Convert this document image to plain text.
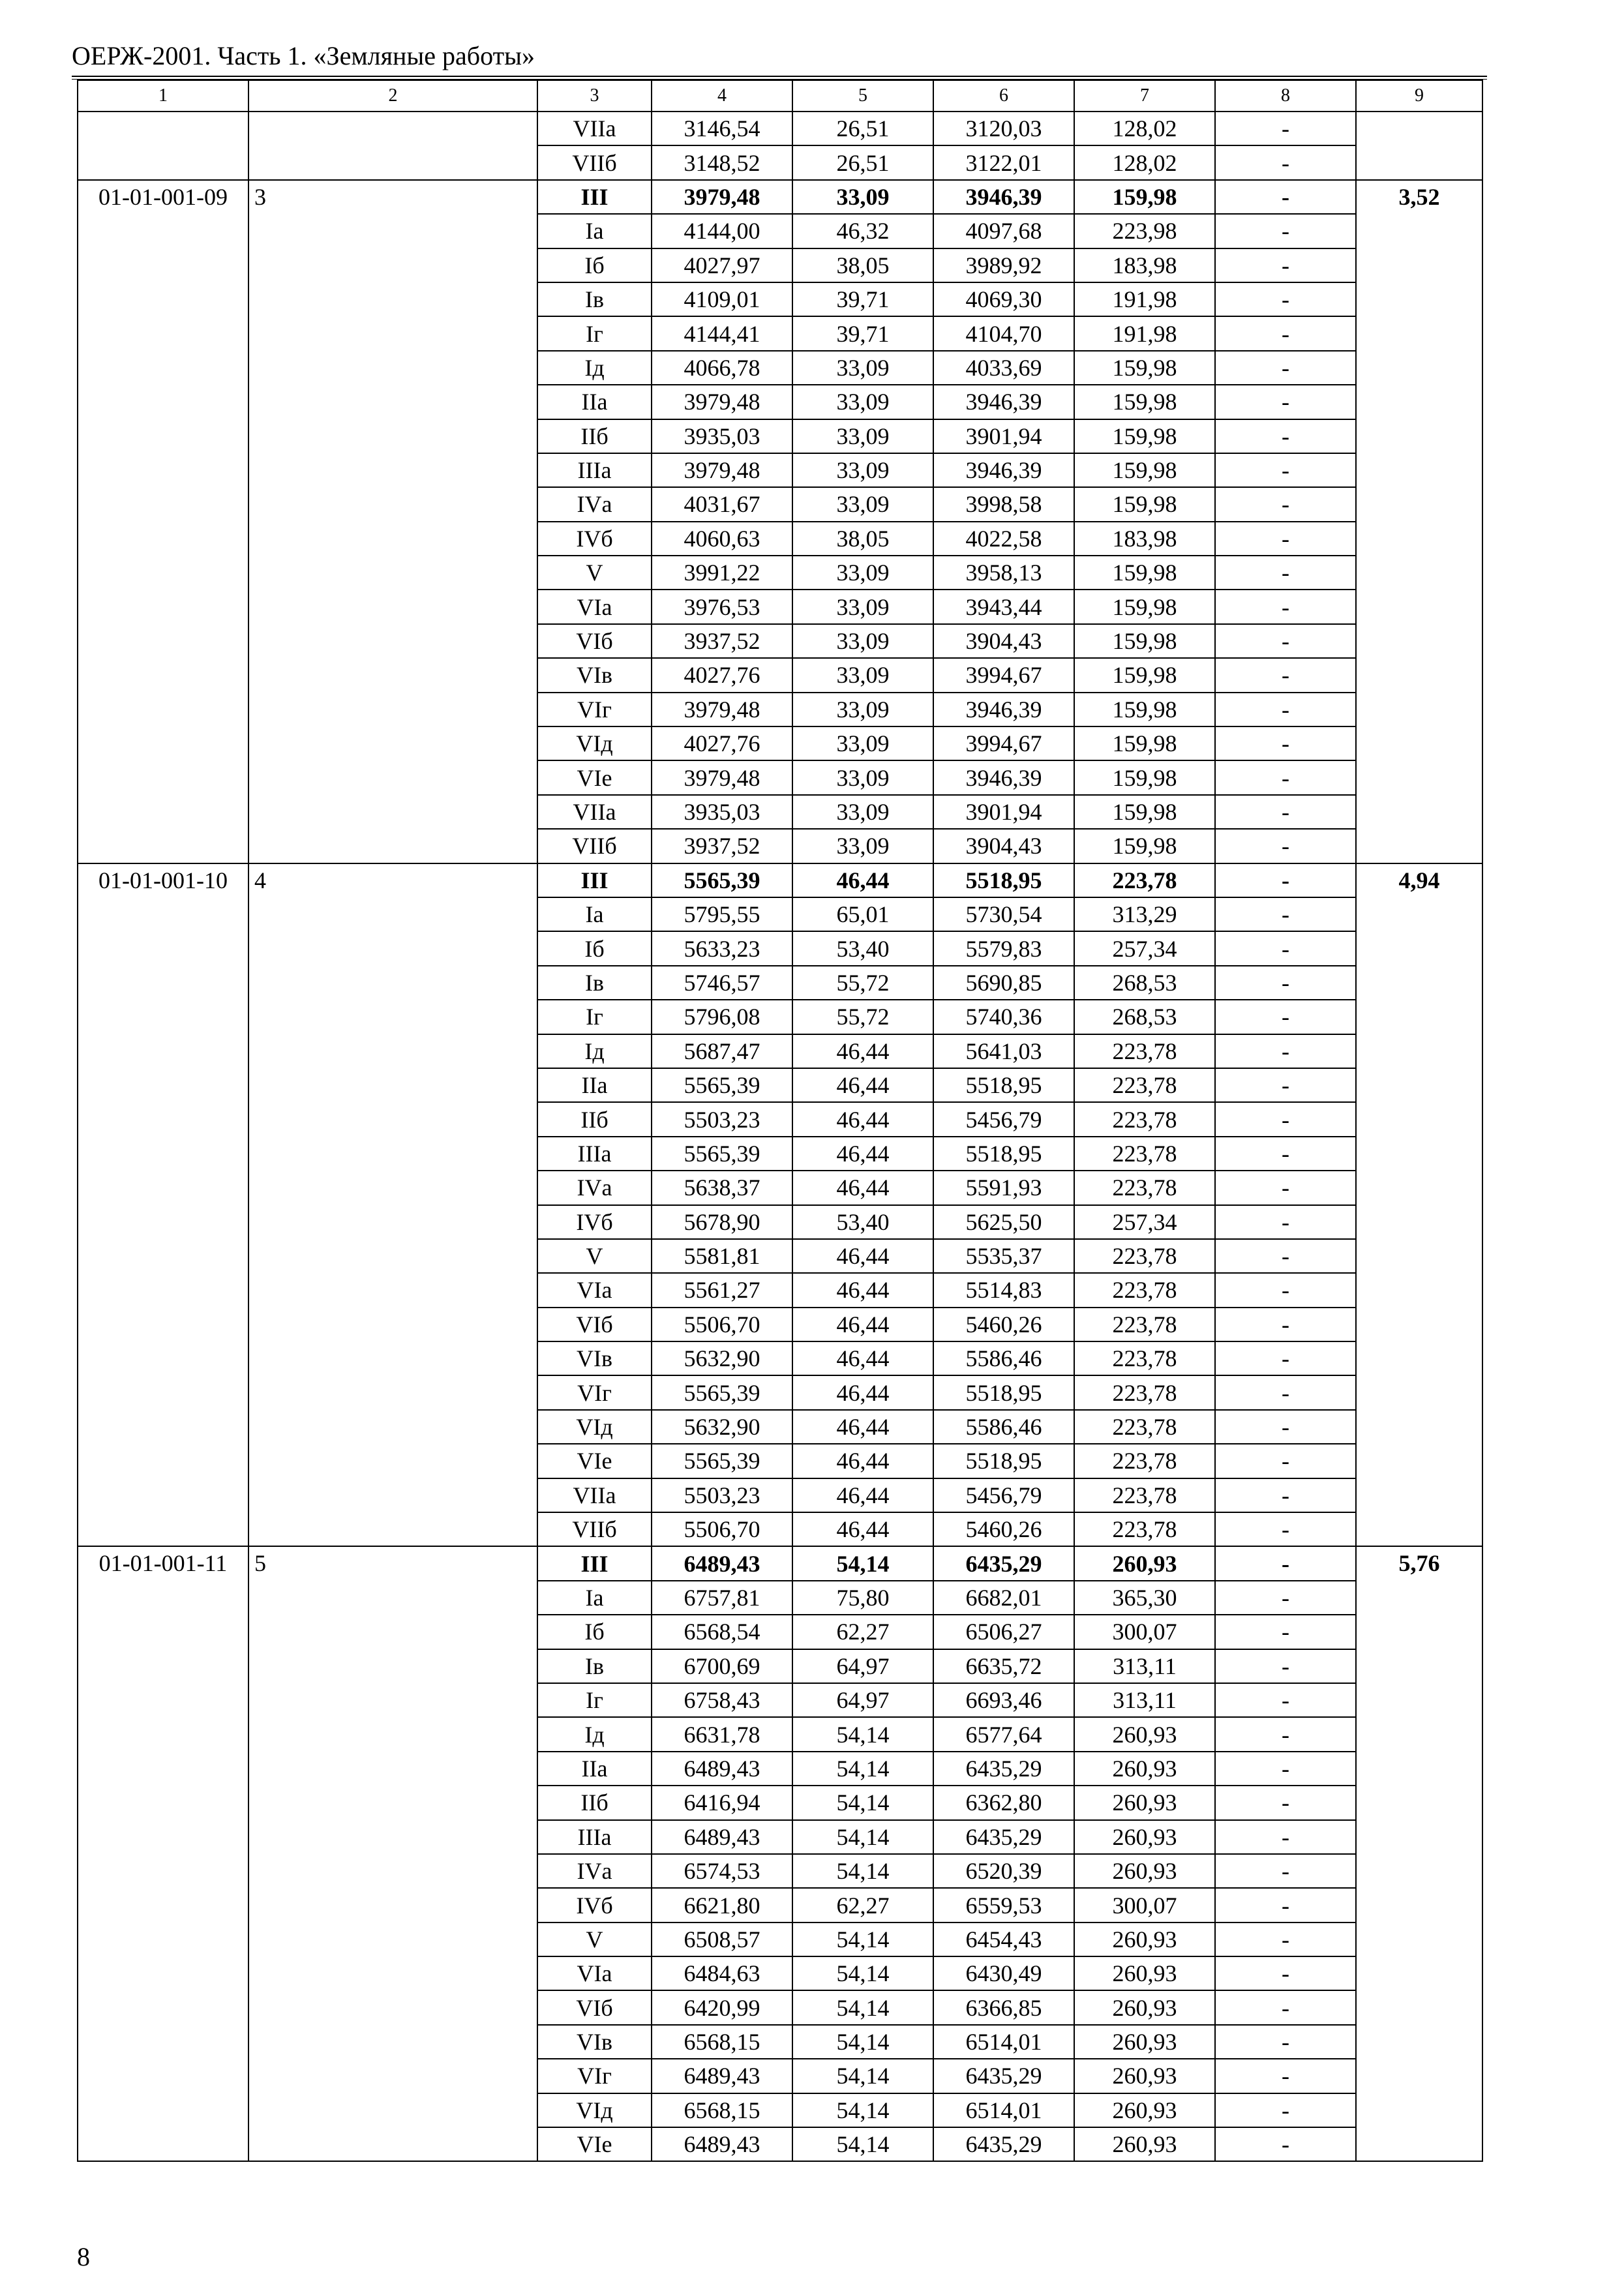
ОЕРЖ-2001. Часть 1. «Земляные работы»
1	2	3	4	5	6	7	8	9
		VIIа	3146,54	26,51	3120,03	128,02	-	
		VIIб	3148,52	26,51	3122,01	128,02	-	
01-01-001-09	3	III	3979,48	33,09	3946,39	159,98	-	3,52
		Iа	4144,00	46,32	4097,68	223,98	-	
		Iб	4027,97	38,05	3989,92	183,98	-	
		Iв	4109,01	39,71	4069,30	191,98	-	
		Iг	4144,41	39,71	4104,70	191,98	-	
		Iд	4066,78	33,09	4033,69	159,98	-	
		IIа	3979,48	33,09	3946,39	159,98	-	
		IIб	3935,03	33,09	3901,94	159,98	-	
		IIIа	3979,48	33,09	3946,39	159,98	-	
		IVа	4031,67	33,09	3998,58	159,98	-	
		IVб	4060,63	38,05	4022,58	183,98	-	
		V	3991,22	33,09	3958,13	159,98	-	
		VIа	3976,53	33,09	3943,44	159,98	-	
		VIб	3937,52	33,09	3904,43	159,98	-	
		VIв	4027,76	33,09	3994,67	159,98	-	
		VIг	3979,48	33,09	3946,39	159,98	-	
		VIд	4027,76	33,09	3994,67	159,98	-	
		VIе	3979,48	33,09	3946,39	159,98	-	
		VIIа	3935,03	33,09	3901,94	159,98	-	
		VIIб	3937,52	33,09	3904,43	159,98	-	
01-01-001-10	4	III	5565,39	46,44	5518,95	223,78	-	4,94
		Iа	5795,55	65,01	5730,54	313,29	-	
		Iб	5633,23	53,40	5579,83	257,34	-	
		Iв	5746,57	55,72	5690,85	268,53	-	
		Iг	5796,08	55,72	5740,36	268,53	-	
		Iд	5687,47	46,44	5641,03	223,78	-	
		IIа	5565,39	46,44	5518,95	223,78	-	
		IIб	5503,23	46,44	5456,79	223,78	-	
		IIIа	5565,39	46,44	5518,95	223,78	-	
		IVа	5638,37	46,44	5591,93	223,78	-	
		IVб	5678,90	53,40	5625,50	257,34	-	
		V	5581,81	46,44	5535,37	223,78	-	
		VIа	5561,27	46,44	5514,83	223,78	-	
		VIб	5506,70	46,44	5460,26	223,78	-	
		VIв	5632,90	46,44	5586,46	223,78	-	
		VIг	5565,39	46,44	5518,95	223,78	-	
		VIд	5632,90	46,44	5586,46	223,78	-	
		VIе	5565,39	46,44	5518,95	223,78	-	
		VIIа	5503,23	46,44	5456,79	223,78	-	
		VIIб	5506,70	46,44	5460,26	223,78	-	
01-01-001-11	5	III	6489,43	54,14	6435,29	260,93	-	5,76
		Iа	6757,81	75,80	6682,01	365,30	-	
		Iб	6568,54	62,27	6506,27	300,07	-	
		Iв	6700,69	64,97	6635,72	313,11	-	
		Iг	6758,43	64,97	6693,46	313,11	-	
		Iд	6631,78	54,14	6577,64	260,93	-	
		IIа	6489,43	54,14	6435,29	260,93	-	
		IIб	6416,94	54,14	6362,80	260,93	-	
		IIIа	6489,43	54,14	6435,29	260,93	-	
		IVа	6574,53	54,14	6520,39	260,93	-	
		IVб	6621,80	62,27	6559,53	300,07	-	
		V	6508,57	54,14	6454,43	260,93	-	
		VIа	6484,63	54,14	6430,49	260,93	-	
		VIб	6420,99	54,14	6366,85	260,93	-	
		VIв	6568,15	54,14	6514,01	260,93	-	
		VIг	6489,43	54,14	6435,29	260,93	-	
		VIд	6568,15	54,14	6514,01	260,93	-	
		VIе	6489,43	54,14	6435,29	260,93	-	
8
